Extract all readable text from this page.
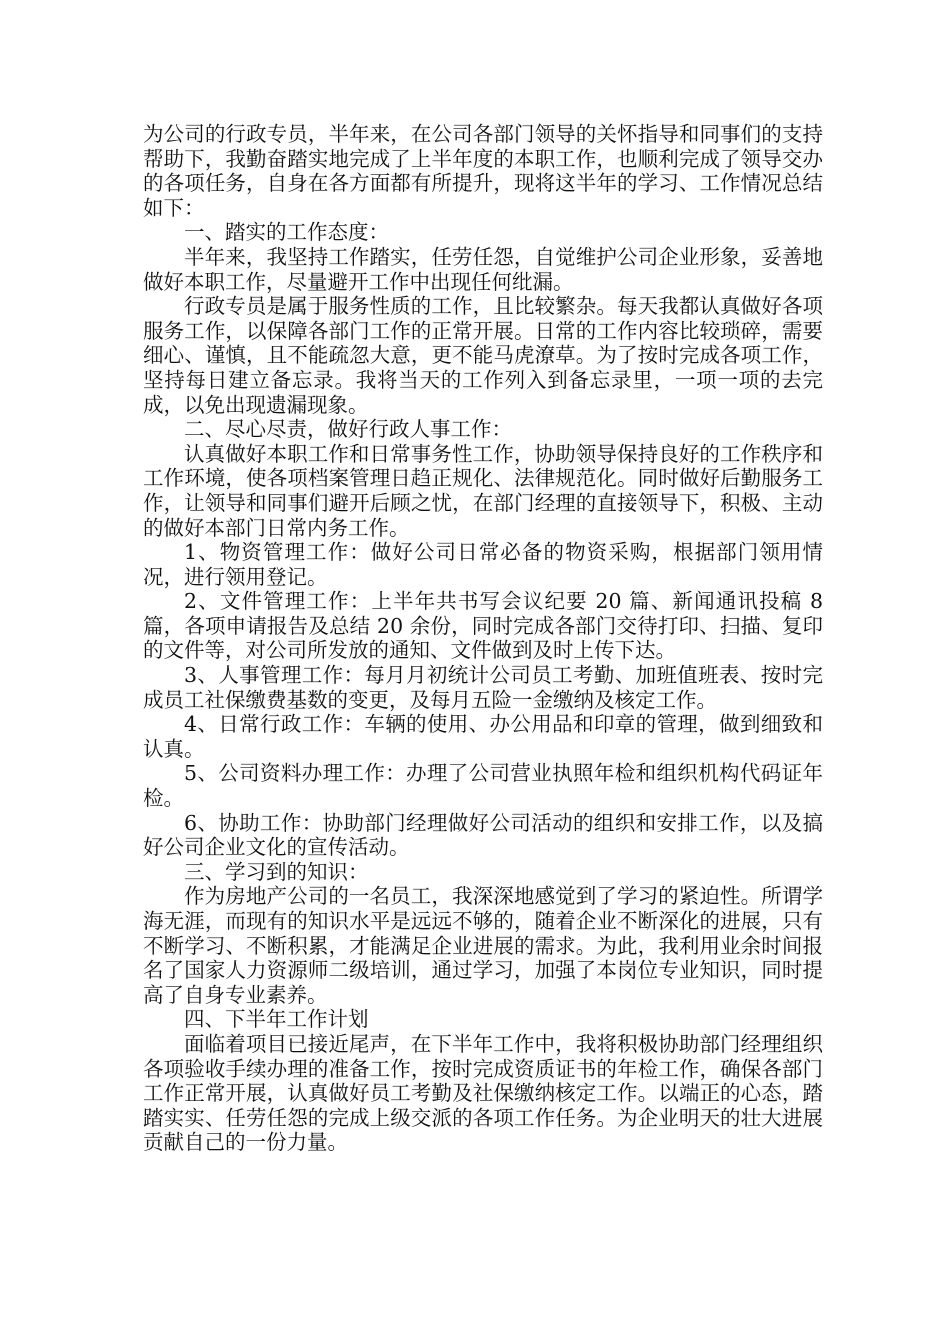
为公司的行政专员，半年来，在公司各部门领导的关怀指导和同事们的支持帮助下，我勤奋踏实地完成了上半年度的本职工作，也顺利完成了领导交办的各项任务，自身在各方面都有所提升，现将这半年的学习、工作情况总结如下：

一、踏实的工作态度：

半年来，我坚持工作踏实，任劳任怨，自觉维护公司企业形象，妥善地做好本职工作，尽量避开工作中出现任何纰漏。

行政专员是属于服务性质的工作，且比较繁杂。每天我都认真做好各项服务工作，以保障各部门工作的正常开展。日常的工作内容比较琐碎，需要细心、谨慎，且不能疏忽大意，更不能马虎潦草。为了按时完成各项工作，坚持每日建立备忘录。我将当天的工作列入到备忘录里，一项一项的去完成，以免出现遗漏现象。

二、尽心尽责，做好行政人事工作：

认真做好本职工作和日常事务性工作，协助领导保持良好的工作秩序和工作环境，使各项档案管理日趋正规化、法律规范化。同时做好后勤服务工作，让领导和同事们避开后顾之忧，在部门经理的直接领导下，积极、主动的做好本部门日常内务工作。

1、物资管理工作：做好公司日常必备的物资采购，根据部门领用情况，进行领用登记。

2、文件管理工作：上半年共书写会议纪要 20 篇、新闻通讯投稿 8 篇，各项申请报告及总结 20 余份，同时完成各部门交待打印、扫描、复印的文件等，对公司所发放的通知、文件做到及时上传下达。

3、人事管理工作：每月月初统计公司员工考勤、加班值班表、按时完成员工社保缴费基数的变更，及每月五险一金缴纳及核定工作。

4、日常行政工作：车辆的使用、办公用品和印章的管理，做到细致和认真。

5、公司资料办理工作：办理了公司营业执照年检和组织机构代码证年检。

6、协助工作：协助部门经理做好公司活动的组织和安排工作，以及搞好公司企业文化的宣传活动。

三、学习到的知识：

作为房地产公司的一名员工，我深深地感觉到了学习的紧迫性。所谓学海无涯，而现有的知识水平是远远不够的，随着企业不断深化的进展，只有不断学习、不断积累，才能满足企业进展的需求。为此，我利用业余时间报名了国家人力资源师二级培训，通过学习，加强了本岗位专业知识，同时提高了自身专业素养。

四、下半年工作计划

面临着项目已接近尾声，在下半年工作中，我将积极协助部门经理组织各项验收手续办理的准备工作，按时完成资质证书的年检工作，确保各部门工作正常开展，认真做好员工考勤及社保缴纳核定工作。以端正的心态，踏踏实实、任劳任怨的完成上级交派的各项工作任务。为企业明天的壮大进展贡献自己的一份力量。
